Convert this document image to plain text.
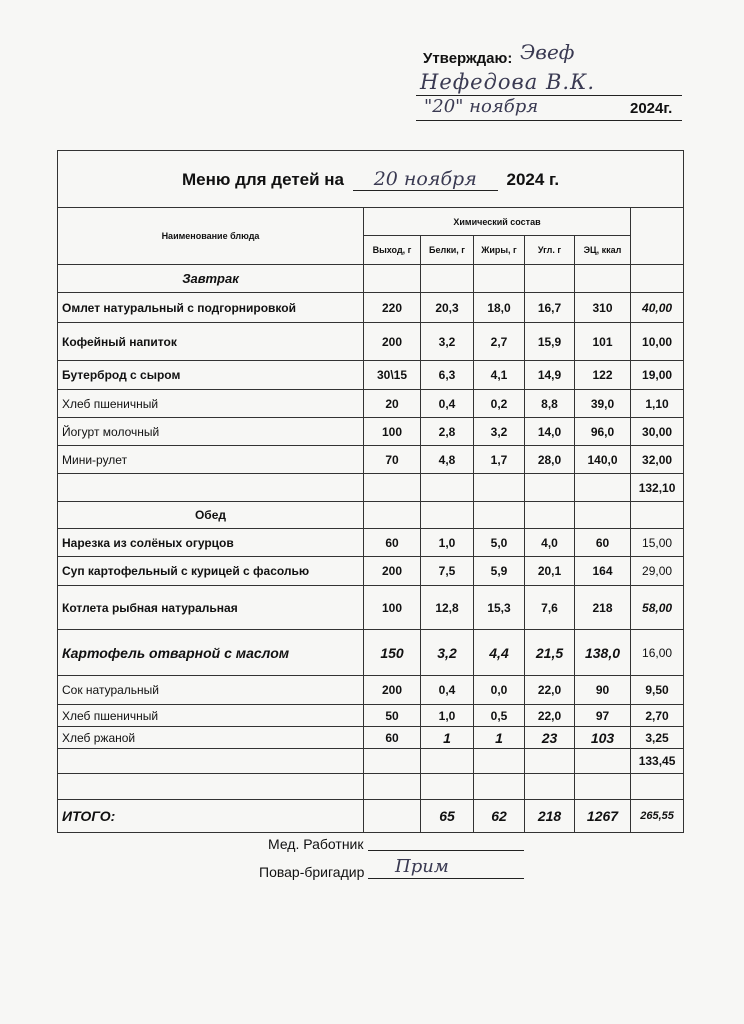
Утверждаю: Эвеф
Нефедова В.К.
"20" ноября	2024г.
Меню для детей на 20 ноября 2024 г.						
Наименование блюда	Химический состав					
	Выход, г	Белки, г	Жиры, г	Угл. г	ЭЦ, ккал	
Завтрак						
Омлет натуральный с подгорнировкой	220	20,3	18,0	16,7	310	40,00
Кофейный напиток	200	3,2	2,7	15,9	101	10,00
Бутерброд с сыром	30\15	6,3	4,1	14,9	122	19,00
Хлеб пшеничный	20	0,4	0,2	8,8	39,0	1,10
Йогурт молочный	100	2,8	3,2	14,0	96,0	30,00
Мини-рулет	70	4,8	1,7	28,0	140,0	32,00
						132,10
Обед						
Нарезка из солёных огурцов	60	1,0	5,0	4,0	60	15,00
Суп картофельный с курицей с фасолью	200	7,5	5,9	20,1	164	29,00
Котлета рыбная натуральная	100	12,8	15,3	7,6	218	58,00
Картофель отварной с маслом	150	3,2	4,4	21,5	138,0	16,00
Сок натуральный	200	0,4	0,0	22,0	90	9,50
Хлеб пшеничный	50	1,0	0,5	22,0	97	2,70
Хлеб ржаной	60	1	1	23	103	3,25
						133,45

ИТОГО:		65	62	218	1267	265,55
Мед. Работник
Повар-бригадир Прим
